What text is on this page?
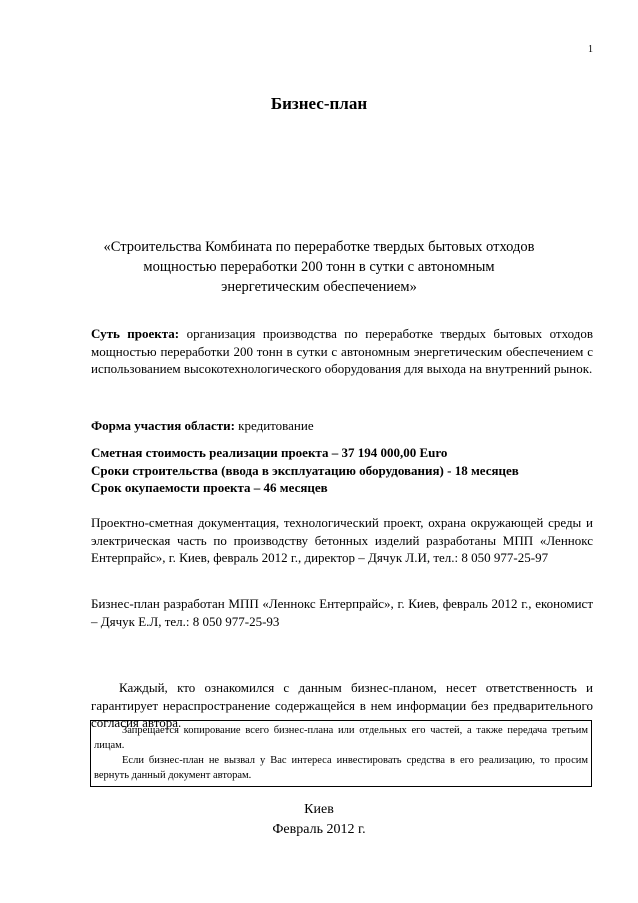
1
Бизнес-план
«Строительства Комбината по переработке твердых бытовых отходов мощностью переработки 200 тонн в сутки с автономным энергетическим обеспечением»

Суть проекта: организация производства по переработке твердых бытовых отходов мощностью переработки 200 тонн в сутки с автономным энергетическим обеспечением с использованием высокотехнологического оборудования для выхода на внутренний рынок.

Форма участия области: кредитование

Сметная стоимость реализации проекта – 37 194 000,00 Euro
Сроки строительства (ввода в эксплуатацию оборудования) - 18 месяцев
Срок окупаемости проекта – 46 месяцев

Проектно-сметная документация, технологический проект, охрана окружающей среды и электрическая часть по производству бетонных изделий разработаны МПП «Леннокс Ентерпрайс», г. Киев, февраль 2012 г., директор – Дячук Л.И, тел.: 8 050 977-25-97

Бизнес-план разработан МПП «Леннокс Ентерпрайс», г. Киев, февраль 2012 г., економист – Дячук Е.Л, тел.: 8 050 977-25-93

Каждый, кто ознакомился с данным бизнес-планом, несет ответственность и гарантирует нераспространение содержащейся в нем информации без предварительного согласия автора.

Запрещается копирование всего бизнес-плана или отдельных его частей, а также передача третьим лицам.

Если бизнес-план не вызвал у Вас интереса инвестировать средства в его реализацию, то просим вернуть данный документ авторам.

Киев
Февраль 2012 г.
